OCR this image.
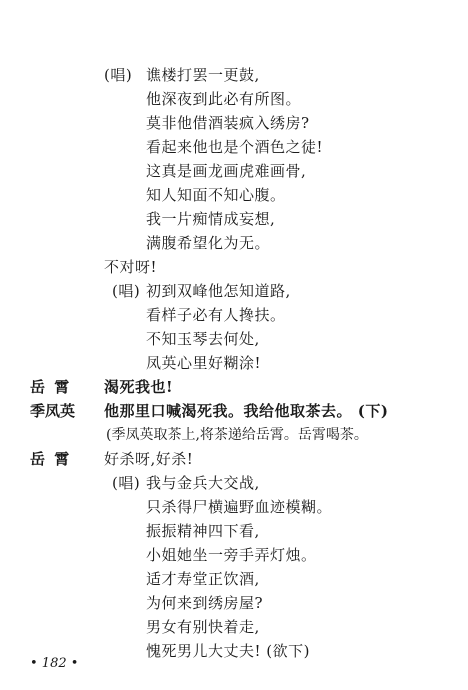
(唱) 谯楼打罢一更鼓,
他深夜到此必有所图。
莫非他借酒装疯入绣房?
看起来他也是个酒色之徒!
这真是画龙画虎难画骨,
知人知面不知心腹。
我一片痴情成妄想,
满腹希望化为无。
不对呀!
(唱) 初到双峰他怎知道路,
看样子必有人搀扶。
不知玉琴去何处,
凤英心里好糊涂!
岳 霄 渴死我也!
季凤英 他那里口喊渴死我。我给他取茶去。 (下)
(季凤英取茶上,将茶递给岳霄。岳霄喝茶。
岳 霄 好杀呀,好杀!
(唱) 我与金兵大交战,
只杀得尸横遍野血迹模糊。
振振精神四下看,
小姐她坐一旁手弄灯烛。
适才寿堂正饮酒,
为何来到绣房屋?
男女有别快着走,
愧死男儿大丈夫! (欲下)
• 182 •
